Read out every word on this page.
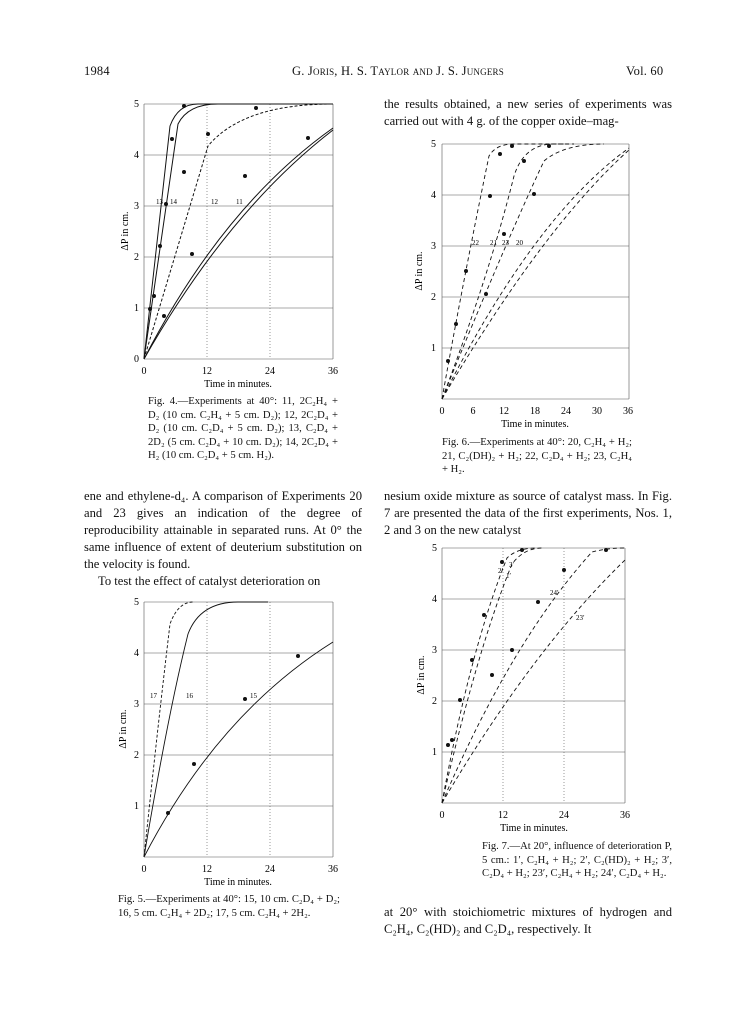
1984	G. Joris, H. S. Taylor and J. S. Jungers	Vol. 60
13 14	12	11
0
1
2
3
4
5
0	12	24	36
Time in minutes.
ΔP in cm.
Fig. 4.—Experiments at 40°: 11, 2C₂H₄ + D₂ (10 cm. C₂H₄ + 5 cm. D₂); 12, 2C₂D₄ + D₂ (10 cm. C₂D₄ + 5 cm. D₂); 13, C₂D₄ + 2D₂ (5 cm. C₂D₄ + 10 cm. D₂); 14, 2C₂D₄ + H₂ (10 cm. C₂D₄ + 5 cm. H₂).
22 21 23 20
1
2
3
4
5
0	6 12 18 24 30 36
Time in minutes.
ΔP in cm.
Fig. 6.—Experiments at 40°: 20, C₂H₄ + H₂; 21, C₂(DH)₂ + H₂; 22, C₂D₄ + H₂; 23, C₂H₄ + H₂.
the results obtained, a new series of experiments was carried out with 4 g. of the copper oxide–mag-
ene and ethylene-d₄. A comparison of Experiments 20 and 23 gives an indication of the degree of reproducibility attainable in separated runs. At 0° the same influence of extent of deuterium substitution on the velocity is found.
To test the effect of catalyst deterioration on
nesium oxide mixture as source of catalyst mass. In Fig. 7 are presented the data of the first experiments, Nos. 1, 2 and 3 on the new catalyst
17	16	15
1
2
3
4
5
0	12	24	36
Time in minutes.
ΔP in cm.
Fig. 5.—Experiments at 40°: 15, 10 cm. C₂D₄ + D₂; 16, 5 cm. C₂H₄ + 2D₂; 17, 5 cm. C₂H₄ + 2H₂.
2′
3′
1′
24′
23′
1
2
3
4
5
0	12	24	36
Time in minutes.
ΔP in cm.
Fig. 7.—At 20°, influence of deterioration P, 5 cm.: 1′, C₂H₄ + H₂; 2′, C₂(HD)₂ + H₂; 3′, C₂D₄ + H₂; 23′, C₂H₄ + H₂; 24′, C₂D₄ + H₂.
at 20° with stoichiometric mixtures of hydrogen and C₂H₄, C₂(HD)₂ and C₂D₄, respectively. It
